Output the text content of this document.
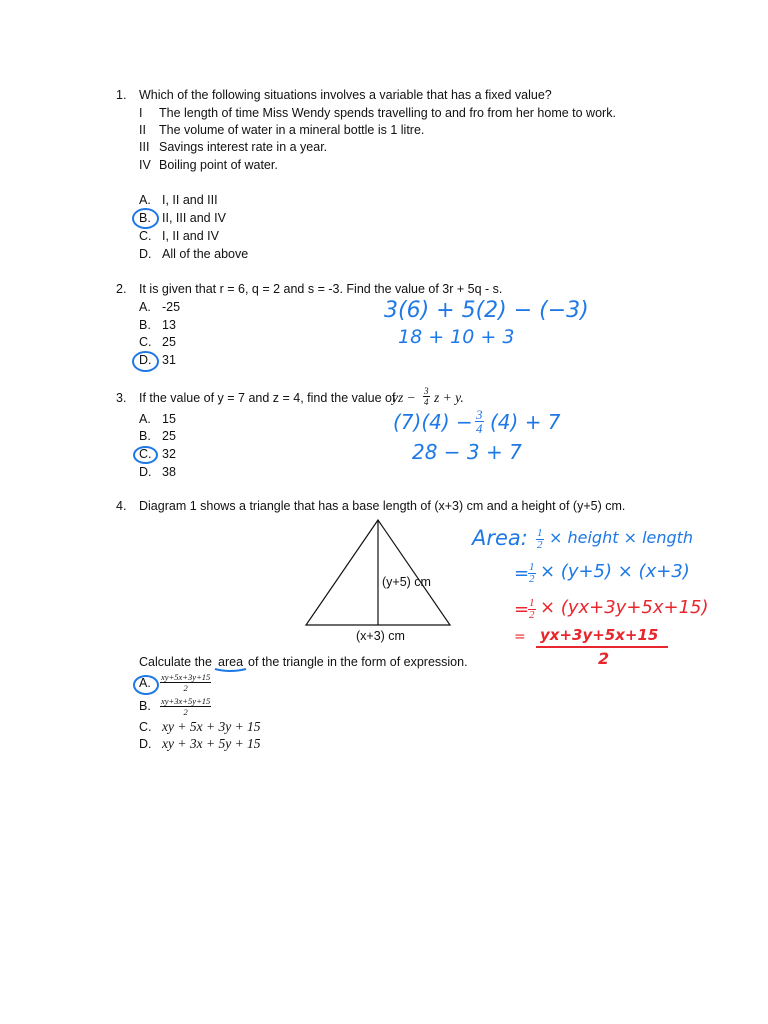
1. Which of the following situations involves a variable that has a fixed value?
I The length of time Miss Wendy spends travelling to and fro from her home to work.
II The volume of water in a mineral bottle is 1 litre.
III Savings interest rate in a year.
IV Boiling point of water.
A. I, II and III
B. II, III and IV
C. I, II and IV
D. All of the above
2. It is given that r = 6, q = 2 and s = -3. Find the value of 3r + 5q - s.
A. -25
B. 13
C. 25
D. 31
3(6) + 5(2) − (−3)
18 + 10 + 3
3. If the value of y = 7 and z = 4, find the value of
yz − $\frac{3}{4}$ z + y.
A. 15
B. 25
C. 32
D. 38
$(7)(4) - \frac{3}{4} (4) + 7$
28 − 3 + 7
4. Diagram 1 shows a triangle that has a base length of (x+3) cm and a height of (y+5) cm.
(y+5) cm
(x+3) cm
Calculate the area of the triangle in the form of expression.
A. $\frac{xy+5x+3y+15}{2}$
B. $\frac{xy+3x+5y+15}{2}$
C. xy + 5x + 3y + 15
D. xy + 3x + 5y + 15
Area: $\frac{1}{2}$ × height × length
=
$\frac{1}{2} \times (y+5) \times (x+3)$
=
$\frac{1}{2} \times (yx+3y+5x+15)$
= yx+3y+5x+15
2
